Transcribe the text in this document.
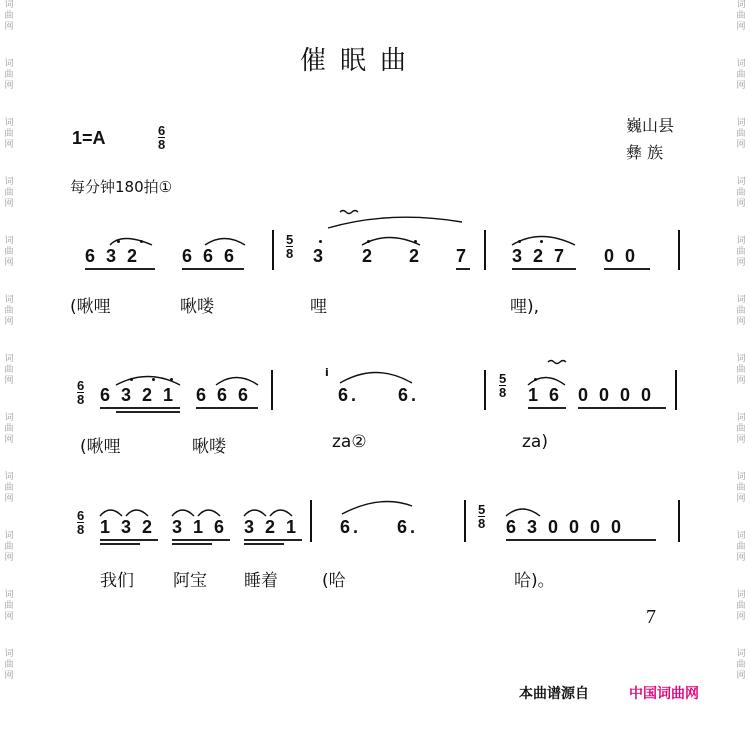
词
曲
网
词
曲
网
词
曲
网
词
曲
网
词
曲
网
词
曲
网
词
曲
网
词
曲
网
词
曲
网
词
曲
网
词
曲
网
词
曲
网
词
曲
网
词
曲
网
词
曲
网
词
曲
网
词
曲
网
词
曲
网
词
曲
网
词
曲
网
词
曲
网
词
曲
网
词
曲
网
词
曲
网
催眠曲
1=A	$\frac{6}{8}$
每分钟180拍①
巍山县
彝 族
6 3 2 6 6 6	$\frac{5}{8} 3$ 2 2 7 3 2 7 0 0
(啾哩	啾喽	哩	哩),
$\frac{6}{8} 6$ 3 2 1 6 6 6
i
6. 6.	$\frac{5}{8} 1$ 6 0 0 0 0
(啾哩	啾喽	za②	za)
$\frac{6}{8} 1$ 3 2 3 1 6 3 2 1 6. 6.	$\frac{5}{8} 6$ 3 0 0 0 0
我们 阿宝 睡着	(哈	哈)。
7
本曲谱源自	中国词曲网
